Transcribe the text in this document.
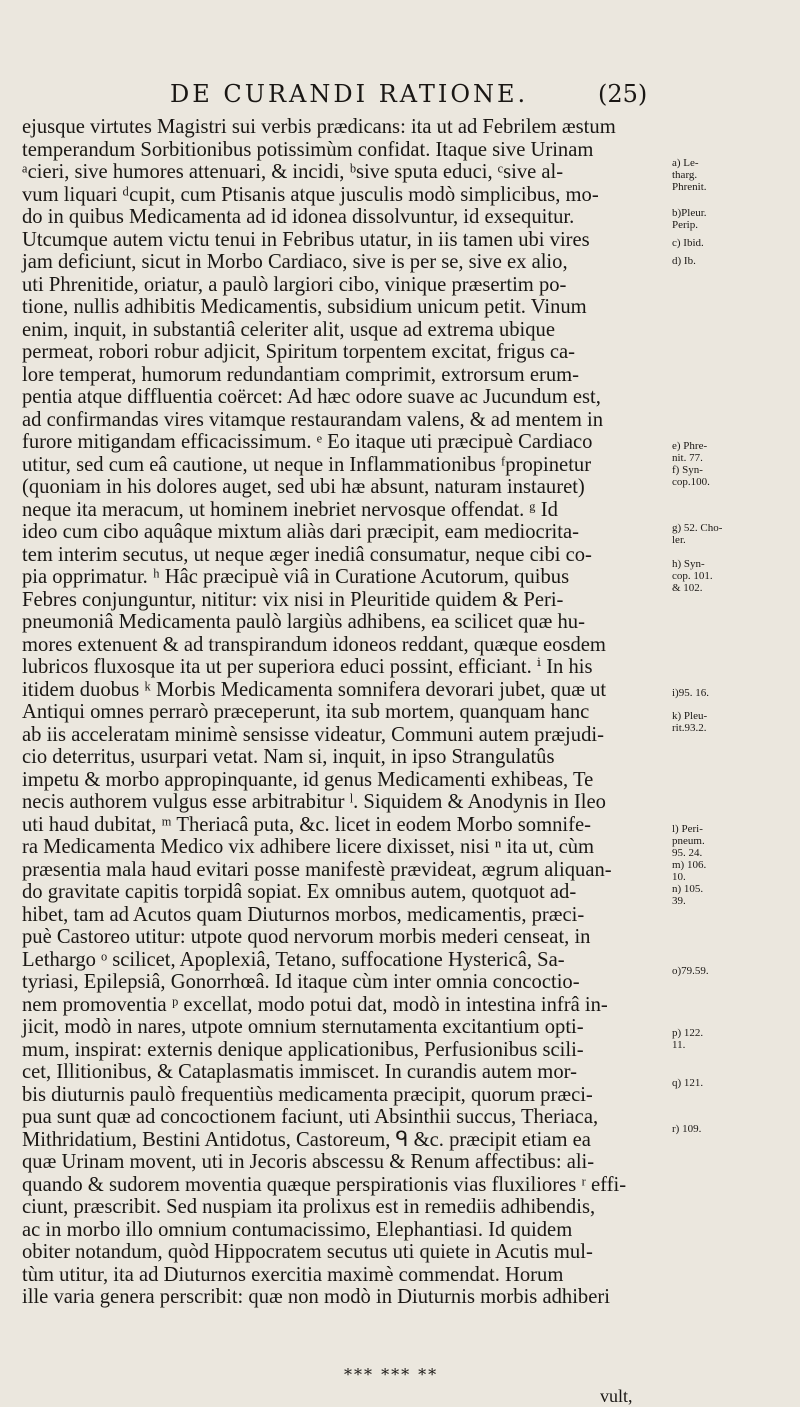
DE CURANDI RATIONE.	(25)
ejusque virtutes Magistri sui verbis prædicans: ita ut ad Febrilem æstum
temperandum Sorbitionibus potissimùm confidat. Itaque sive Urinam
ᵃcieri, sive humores attenuari, & incidi, ᵇsive sputa educi, ᶜsive al-
vum liquari ᵈcupit, cum Ptisanis atque jusculis modò simplicibus, mo-
do in quibus Medicamenta ad id idonea dissolvuntur, id exsequitur.
Utcumque autem victu tenui in Febribus utatur, in iis tamen ubi vires
jam deficiunt, sicut in Morbo Cardiaco, sive is per se, sive ex alio,
uti Phrenitide, oriatur, a paulò largiori cibo, vinique præsertim po-
tione, nullis adhibitis Medicamentis, subsidium unicum petit. Vinum
enim, inquit, in substantiâ celeriter alit, usque ad extrema ubique
permeat, robori robur adjicit, Spiritum torpentem excitat, frigus ca-
lore temperat, humorum redundantiam comprimit, extrorsum erum-
pentia atque diffluentia coërcet: Ad hæc odore suave ac Jucundum est,
ad confirmandas vires vitamque restaurandam valens, & ad mentem in
furore mitigandam efficacissimum. ᵉ Eo itaque uti præcipuè Cardiaco
utitur, sed cum eâ cautione, ut neque in Inflammationibus ᶠpropinetur
(quoniam in his dolores auget, sed ubi hæ absunt, naturam instauret)
neque ita meracum, ut hominem inebriet nervosque offendat. ᵍ Id
ideo cum cibo aquâque mixtum aliàs dari præcipit, eam mediocrita-
tem interim secutus, ut neque æger inediâ consumatur, neque cibi co-
pia opprimatur. ʰ Hâc præcipuè viâ in Curatione Acutorum, quibus
Febres conjunguntur, nititur: vix nisi in Pleuritide quidem & Peri-
pneumoniâ Medicamenta paulò largiùs adhibens, ea scilicet quæ hu-
mores extenuent & ad transpirandum idoneos reddant, quæque eosdem
lubricos fluxosque ita ut per superiora educi possint, efficiant. ⁱ In his
itidem duobus ᵏ Morbis Medicamenta somnifera devorari jubet, quæ ut
Antiqui omnes perrarò præceperunt, ita sub mortem, quanquam hanc
ab iis acceleratam minimè sensisse videatur, Communi autem præjudi-
cio deterritus, usurpari vetat. Nam si, inquit, in ipso Strangulatûs
impetu & morbo appropinquante, id genus Medicamenti exhibeas, Te
necis authorem vulgus esse arbitrabitur ˡ. Siquidem & Anodynis in Ileo
uti haud dubitat, ᵐ Theriacâ puta, &c. licet in eodem Morbo somnife-
ra Medicamenta Medico vix adhibere licere dixisset, nisi ⁿ ita ut, cùm
præsentia mala haud evitari posse manifestè prævideat, ægrum aliquan-
do gravitate capitis torpidâ sopiat. Ex omnibus autem, quotquot ad-
hibet, tam ad Acutos quam Diuturnos morbos, medicamentis, præci-
puè Castoreo utitur: utpote quod nervorum morbis mederi censeat, in
Lethargo ᵒ scilicet, Apoplexiâ, Tetano, suffocatione Hystericâ, Sa-
tyriasi, Epilepsiâ, Gonorrhœâ. Id itaque cùm inter omnia concoctio-
nem promoventia ᵖ excellat, modo potui dat, modò in intestina infrâ in-
jicit, modò in nares, utpote omnium sternutamenta excitantium opti-
mum, inspirat: externis denique applicationibus, Perfusionibus scili-
cet, Illitionibus, & Cataplasmatis immiscet. In curandis autem mor-
bis diuturnis paulò frequentiùs medicamenta præcipit, quorum præci-
pua sunt quæ ad concoctionem faciunt, uti Absinthii succus, Theriaca,
Mithridatium, Bestini Antidotus, Castoreum, ᑫ &c. præcipit etiam ea
quæ Urinam movent, uti in Jecoris abscessu & Renum affectibus: ali-
quando & sudorem moventia quæque perspirationis vias fluxiliores ʳ effi-
ciunt, præscribit. Sed nuspiam ita prolixus est in remediis adhibendis,
ac in morbo illo omnium contumacissimo, Elephantiasi. Id quidem
obiter notandum, quòd Hippocratem secutus uti quiete in Acutis mul-
tùm utitur, ita ad Diuturnos exercitia maximè commendat. Horum
ille varia genera perscribit: quæ non modò in Diuturnis morbis adhiberi
a) Le-
tharg.
Phrenit.
b)Pleur.
Perip.
c) Ibid.
d) Ib.
e) Phre-
nit. 77.
f) Syn-
cop.100.
g) 52. Cho-
ler.
h) Syn-
cop. 101.
& 102.
i)95. 16.
k) Pleu-
rit.93.2.
l) Peri-
pneum.
95. 24.
m) 106.
10.
n) 105.
39.
o)79.59.
p) 122.
11.
q) 121.
r) 109.
*** *** **
vult,
